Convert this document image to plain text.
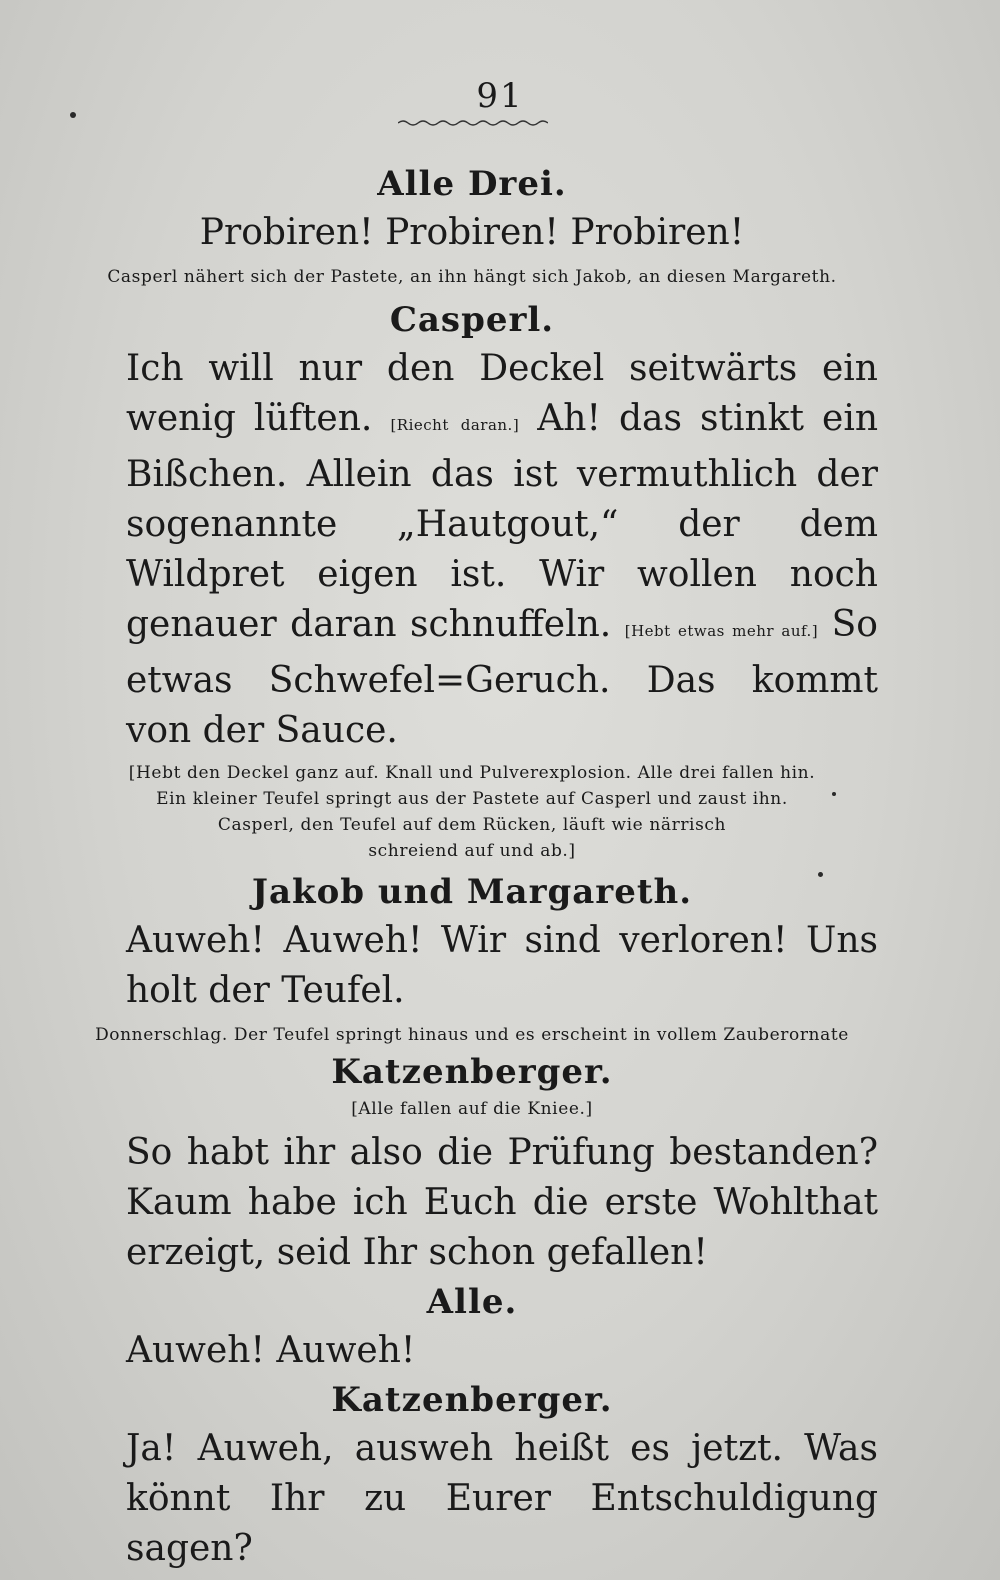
91
Alle Drei.
Probiren! Probiren! Probiren!
Casperl nähert sich der Pastete, an ihn hängt sich Jakob, an diesen Margareth.
Casperl.
Ich will nur den Deckel seitwärts ein wenig lüften. [Riecht daran.] Ah! das stinkt ein Bißchen. Allein das ist vermuthlich der sogenannte „Hautgout,“ der dem Wildpret eigen ist. Wir wollen noch genauer daran schnuffeln. [Hebt etwas mehr auf.] So etwas Schwefel=Geruch. Das kommt von der Sauce.
[Hebt den Deckel ganz auf. Knall und Pulverexplosion. Alle drei fallen hin.
Ein kleiner Teufel springt aus der Pastete auf Casperl und zaust ihn.
Casperl, den Teufel auf dem Rücken, läuft wie närrisch
schreiend auf und ab.]
Jakob und Margareth.
Auweh! Auweh! Wir sind verloren! Uns holt der Teufel.
Donnerschlag. Der Teufel springt hinaus und es erscheint in vollem Zauberornate
Katzenberger.
[Alle fallen auf die Kniee.]
So habt ihr also die Prüfung bestanden? Kaum habe ich Euch die erste Wohlthat erzeigt, seid Ihr schon gefallen!
Alle.
Auweh! Auweh!
Katzenberger.
Ja! Auweh, ausweh heißt es jetzt. Was könnt Ihr zu Eurer Entschuldigung sagen?
